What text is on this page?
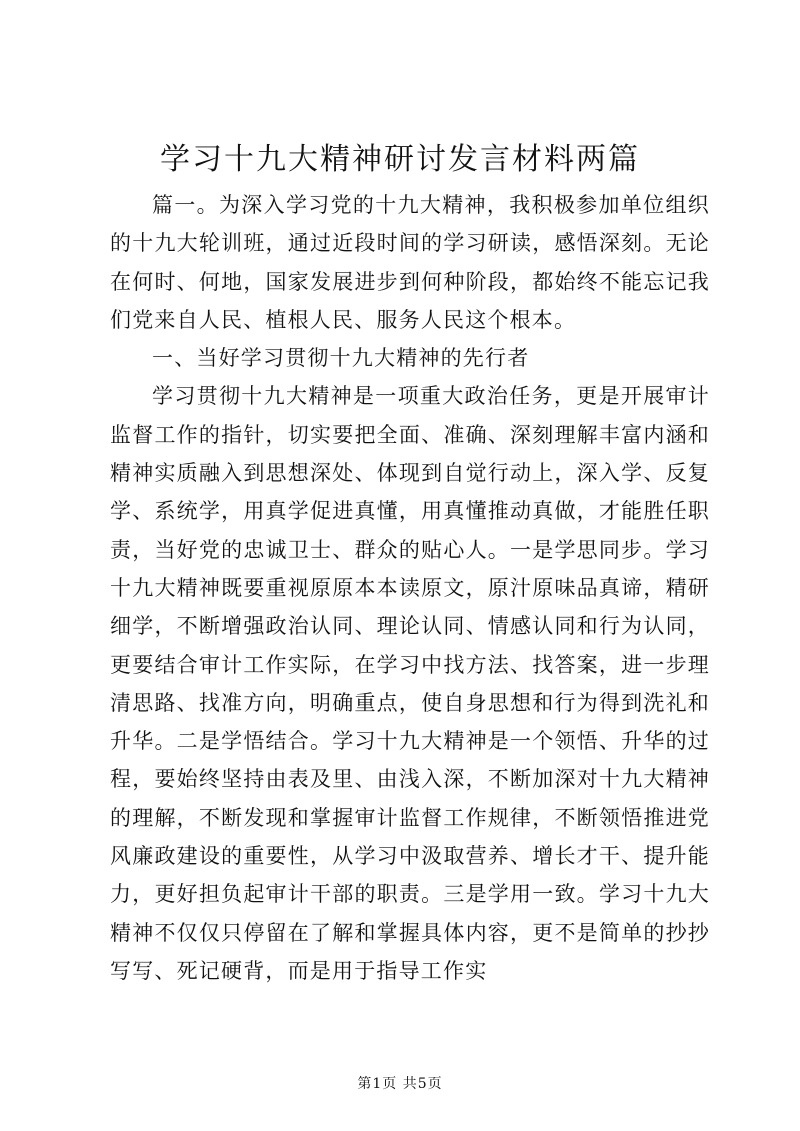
学习十九大精神研讨发言材料两篇

篇一。为深入学习党的十九大精神，我积极参加单位组织的十九大轮训班，通过近段时间的学习研读，感悟深刻。无论在何时、何地，国家发展进步到何种阶段，都始终不能忘记我们党来自人民、植根人民、服务人民这个根本。

一、当好学习贯彻十九大精神的先行者

学习贯彻十九大精神是一项重大政治任务，更是开展审计监督工作的指针，切实要把全面、准确、深刻理解丰富内涵和精神实质融入到思想深处、体现到自觉行动上，深入学、反复学、系统学，用真学促进真懂，用真懂推动真做，才能胜任职责，当好党的忠诚卫士、群众的贴心人。一是学思同步。学习十九大精神既要重视原原本本读原文，原汁原味品真谛，精研细学，不断增强政治认同、理论认同、情感认同和行为认同，更要结合审计工作实际，在学习中找方法、找答案，进一步理清思路、找准方向，明确重点，使自身思想和行为得到洗礼和升华。二是学悟结合。学习十九大精神是一个领悟、升华的过程，要始终坚持由表及里、由浅入深，不断加深对十九大精神的理解，不断发现和掌握审计监督工作规律，不断领悟推进党风廉政建设的重要性，从学习中汲取营养、增长才干、提升能力，更好担负起审计干部的职责。三是学用一致。学习十九大精神不仅仅只停留在了解和掌握具体内容，更不是简单的抄抄写写、死记硬背，而是用于指导工作实

第1页 共5页
